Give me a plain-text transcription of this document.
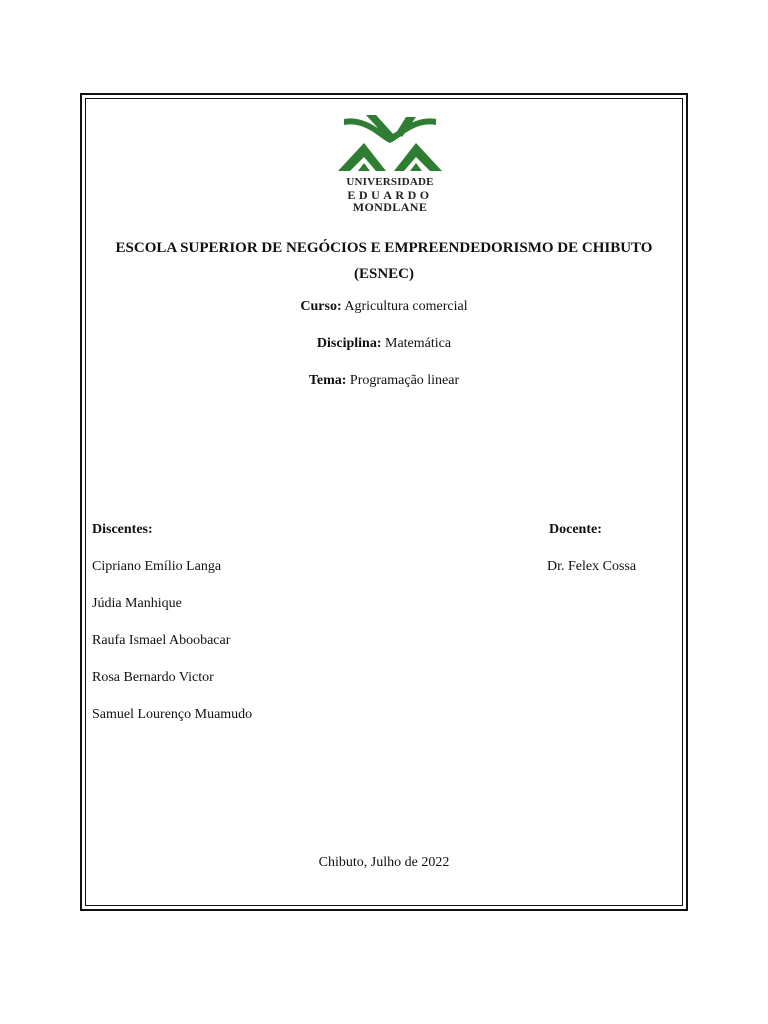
UNIVERSIDADE
EDUARDO
MONDLANE
ESCOLA SUPERIOR DE NEGÓCIOS E EMPREENDEDORISMO DE CHIBUTO
(ESNEC)
Curso: Agricultura comercial
Disciplina: Matemática
Tema: Programação linear
Discentes:	Docente:
Cipriano Emílio Langa
Júdia Manhique
Raufa Ismael Aboobacar
Rosa Bernardo Victor
Samuel Lourenço Muamudo
Dr. Felex Cossa
Chibuto, Julho de 2022
